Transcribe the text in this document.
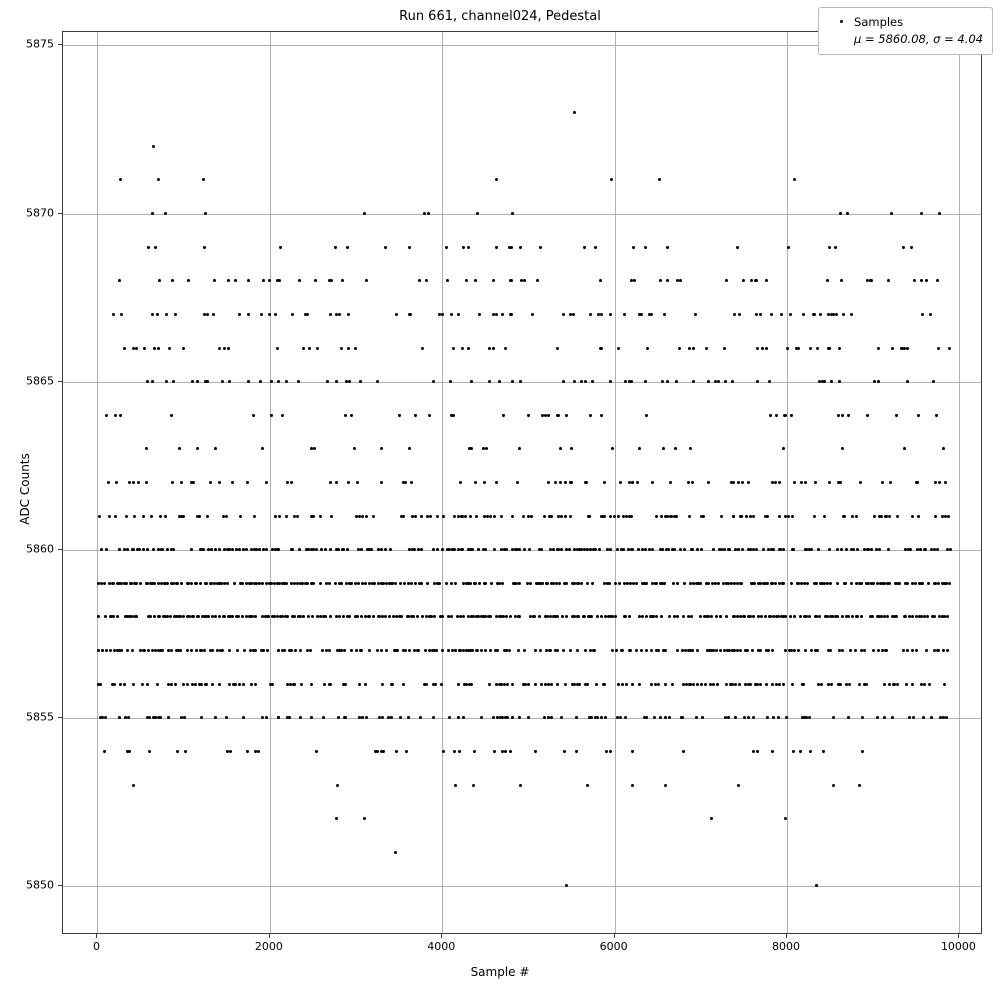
Run 661, channel024, Pedestal
Sample #
ADC Counts
Samples
μ = 5860.08, σ = 4.04
0	2000	4000	6000	8000	10000
5850
5855
5860
5865
5870
5875
